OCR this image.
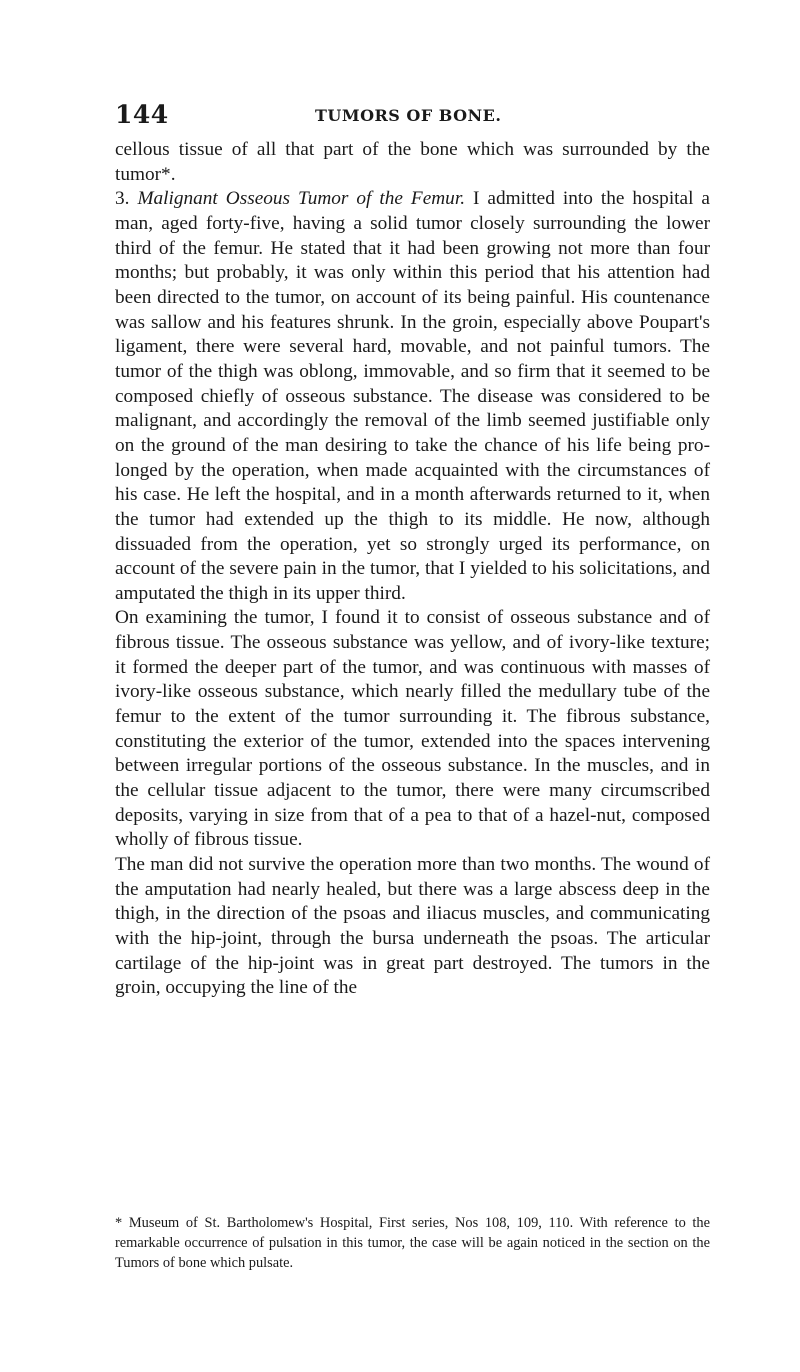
144	TUMORS OF BONE.

cellous tissue of all that part of the bone which was surrounded by the tumor*.

3. Malignant Osseous Tumor of the Femur. I admitted into the hospital a man, aged forty-five, having a solid tumor closely surrounding the lower third of the femur. He stated that it had been growing not more than four months; but probably, it was only within this period that his attention had been directed to the tumor, on account of its being painful. His countenance was sallow and his features shrunk. In the groin, especially above Poupart's ligament, there were several hard, movable, and not painful tumors. The tumor of the thigh was oblong, immovable, and so firm that it seemed to be composed chiefly of osseous substance. The disease was considered to be malignant, and accordingly the removal of the limb seemed justifiable only on the ground of the man desiring to take the chance of his life being prolonged by the operation, when made acquainted with the circumstances of his case. He left the hospital, and in a month afterwards returned to it, when the tumor had extended up the thigh to its middle. He now, although dissuaded from the operation, yet so strongly urged its performance, on account of the severe pain in the tumor, that I yielded to his solicitations, and amputated the thigh in its upper third.

On examining the tumor, I found it to consist of osseous substance and of fibrous tissue. The osseous substance was yellow, and of ivory-like texture; it formed the deeper part of the tumor, and was continuous with masses of ivory-like osseous substance, which nearly filled the medullary tube of the femur to the extent of the tumor surrounding it. The fibrous substance, constituting the exterior of the tumor, extended into the spaces intervening between irregular portions of the osseous substance. In the muscles, and in the cellular tissue adjacent to the tumor, there were many circumscribed deposits, varying in size from that of a pea to that of a hazel-nut, composed wholly of fibrous tissue.

The man did not survive the operation more than two months. The wound of the amputation had nearly healed, but there was a large abscess deep in the thigh, in the direction of the psoas and iliacus muscles, and communicating with the hip-joint, through the bursa underneath the psoas. The articular cartilage of the hip-joint was in great part destroyed. The tumors in the groin, occupying the line of the

* Museum of St. Bartholomew's Hospital, First series, Nos 108, 109, 110. With reference to the remarkable occurrence of pulsation in this tumor, the case will be again noticed in the section on the Tumors of bone which pulsate.
